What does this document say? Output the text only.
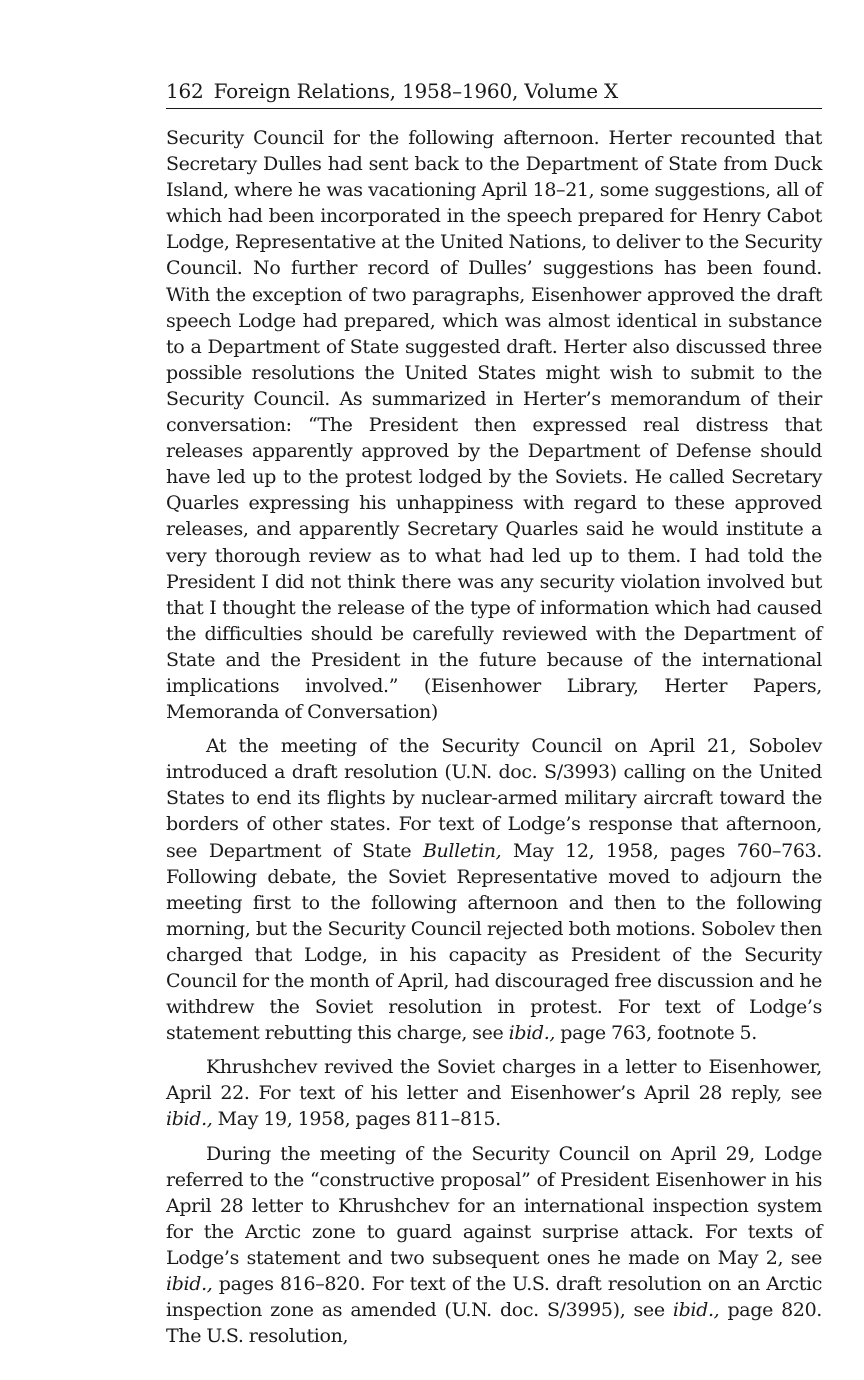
162 Foreign Relations, 1958–1960, Volume X

Security Council for the following afternoon. Herter recounted that Secretary Dulles had sent back to the Department of State from Duck Island, where he was vacationing April 18–21, some suggestions, all of which had been incorporated in the speech prepared for Henry Cabot Lodge, Representative at the United Nations, to deliver to the Security Council. No further record of Dulles’ suggestions has been found. With the exception of two paragraphs, Eisenhower approved the draft speech Lodge had prepared, which was almost identical in substance to a Department of State suggested draft. Herter also discussed three possible resolutions the United States might wish to submit to the Security Council. As summarized in Herter’s memorandum of their conversation: “The President then expressed real distress that releases apparently approved by the Department of Defense should have led up to the protest lodged by the Soviets. He called Secretary Quarles expressing his unhappiness with regard to these approved releases, and apparently Secretary Quarles said he would institute a very thorough review as to what had led up to them. I had told the President I did not think there was any security violation involved but that I thought the release of the type of information which had caused the difficulties should be carefully reviewed with the Department of State and the President in the future because of the international implications involved.” (Eisenhower Library, Herter Papers, Memoranda of Conversation)

At the meeting of the Security Council on April 21, Sobolev introduced a draft resolution (U.N. doc. S/3993) calling on the United States to end its flights by nuclear-armed military aircraft toward the borders of other states. For text of Lodge’s response that afternoon, see Department of State Bulletin, May 12, 1958, pages 760–763. Following debate, the Soviet Representative moved to adjourn the meeting first to the following afternoon and then to the following morning, but the Security Council rejected both motions. Sobolev then charged that Lodge, in his capacity as President of the Security Council for the month of April, had discouraged free discussion and he withdrew the Soviet resolution in protest. For text of Lodge’s statement rebutting this charge, see ibid., page 763, footnote 5.

Khrushchev revived the Soviet charges in a letter to Eisenhower, April 22. For text of his letter and Eisenhower’s April 28 reply, see ibid., May 19, 1958, pages 811–815.

During the meeting of the Security Council on April 29, Lodge referred to the “constructive proposal” of President Eisenhower in his April 28 letter to Khrushchev for an international inspection system for the Arctic zone to guard against surprise attack. For texts of Lodge’s statement and two subsequent ones he made on May 2, see ibid., pages 816–820. For text of the U.S. draft resolution on an Arctic inspection zone as amended (U.N. doc. S/3995), see ibid., page 820. The U.S. resolution,
